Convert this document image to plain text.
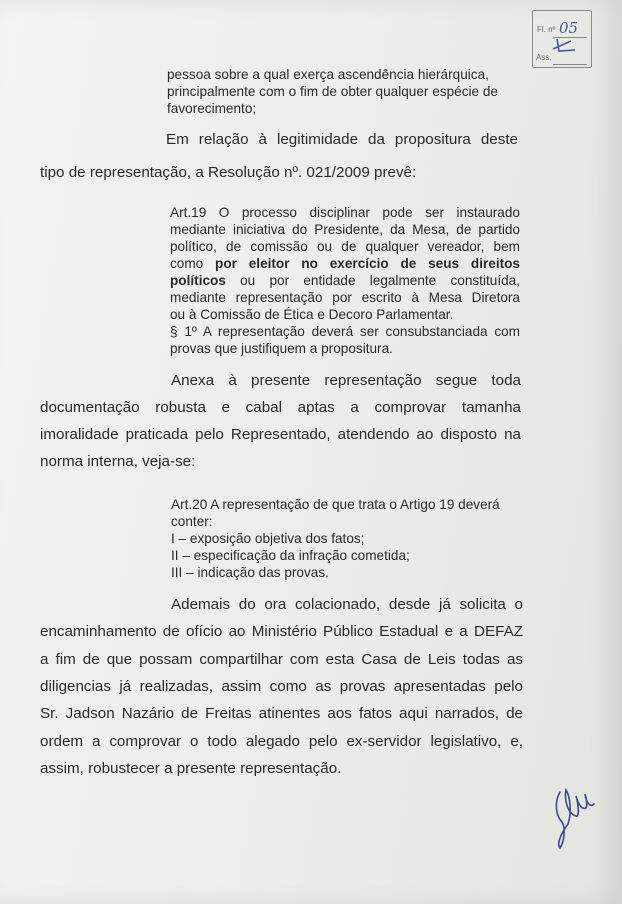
Fl. nº 05
Ass.
pessoa sobre a qual exerça ascendência hierárquica,
principalmente com o fim de obter qualquer espécie de
favorecimento;
Em relação à legitimidade da propositura deste
tipo de representação, a Resolução nº. 021/2009 prevê:
Art.19 O processo disciplinar pode ser instaurado
mediante iniciativa do Presidente, da Mesa, de partido
político, de comissão ou de qualquer vereador, bem
como por eleitor no exercício de seus direitos
políticos ou por entidade legalmente constituída,
mediante representação por escrito à Mesa Diretora
ou à Comissão de Ética e Decoro Parlamentar.
§ 1º A representação deverá ser consubstanciada com
provas que justifiquem a propositura.
Anexa à presente representação segue toda
documentação robusta e cabal aptas a comprovar tamanha
imoralidade praticada pelo Representado, atendendo ao disposto na
norma interna, veja-se:
Art.20 A representação de que trata o Artigo 19 deverá
conter:
I – exposição objetiva dos fatos;
II – especificação da infração cometida;
III – indicação das provas.
Ademais do ora colacionado, desde já solicita o
encaminhamento de ofício ao Ministério Público Estadual e a DEFAZ
a fim de que possam compartilhar com esta Casa de Leis todas as
diligencias já realizadas, assim como as provas apresentadas pelo
Sr. Jadson Nazário de Freitas atinentes aos fatos aqui narrados, de
ordem a comprovar o todo alegado pelo ex-servidor legislativo, e,
assim, robustecer a presente representação.
